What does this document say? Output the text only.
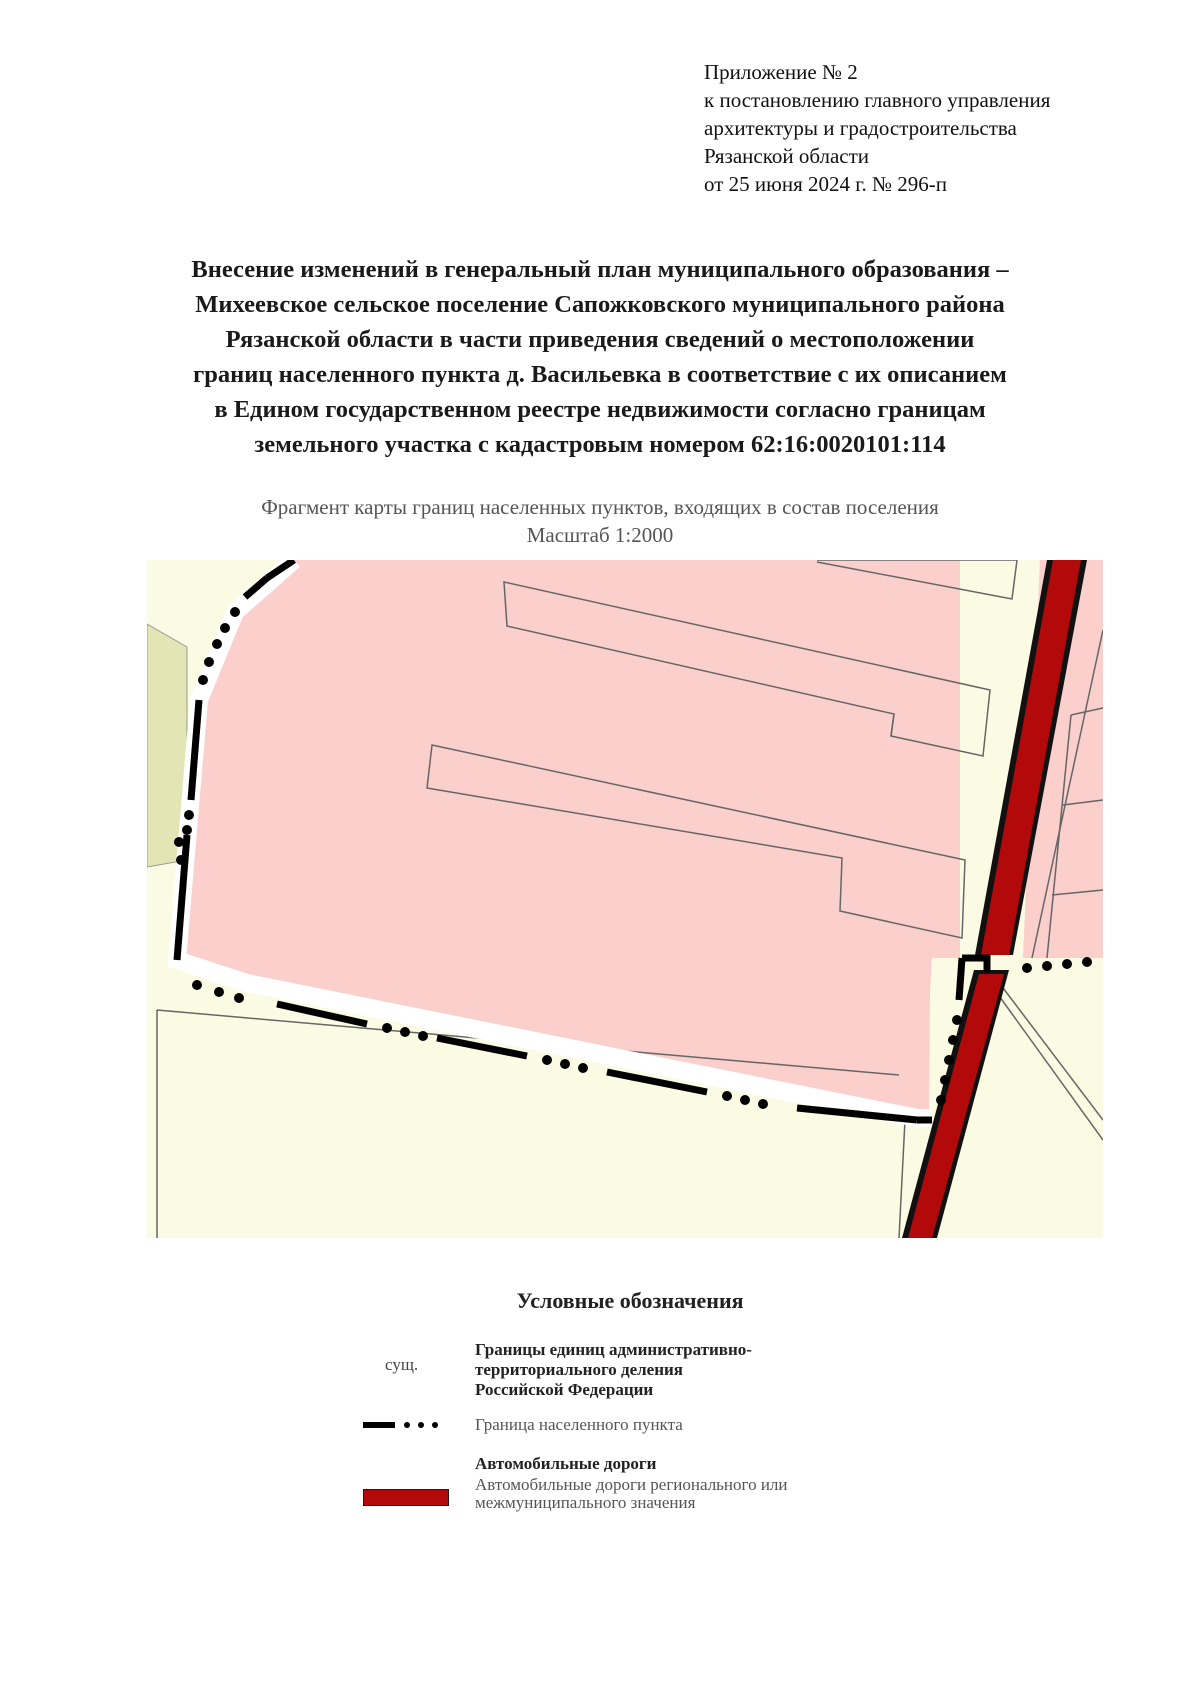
Приложение № 2
к постановлению главного управления
архитектуры и градостроительства
Рязанской области
от 25 июня 2024 г. № 296-п
Внесение изменений в генеральный план муниципального образования –
Михеевское сельское поселение Сапожковского муниципального района
Рязанской области в части приведения сведений о местоположении
границ населенного пункта д. Васильевка в соответствие с их описанием
в Едином государственном реестре недвижимости согласно границам
земельного участка с кадастровым номером 62:16:0020101:114
Фрагмент карты границ населенных пунктов, входящих в состав поселения
Масштаб 1:2000
Условные обозначения
сущ.
Границы единиц административно-
территориального деления
Российской Федерации
Граница населенного пункта
Автомобильные дороги
Автомобильные дороги регионального или
межмуниципального значения
